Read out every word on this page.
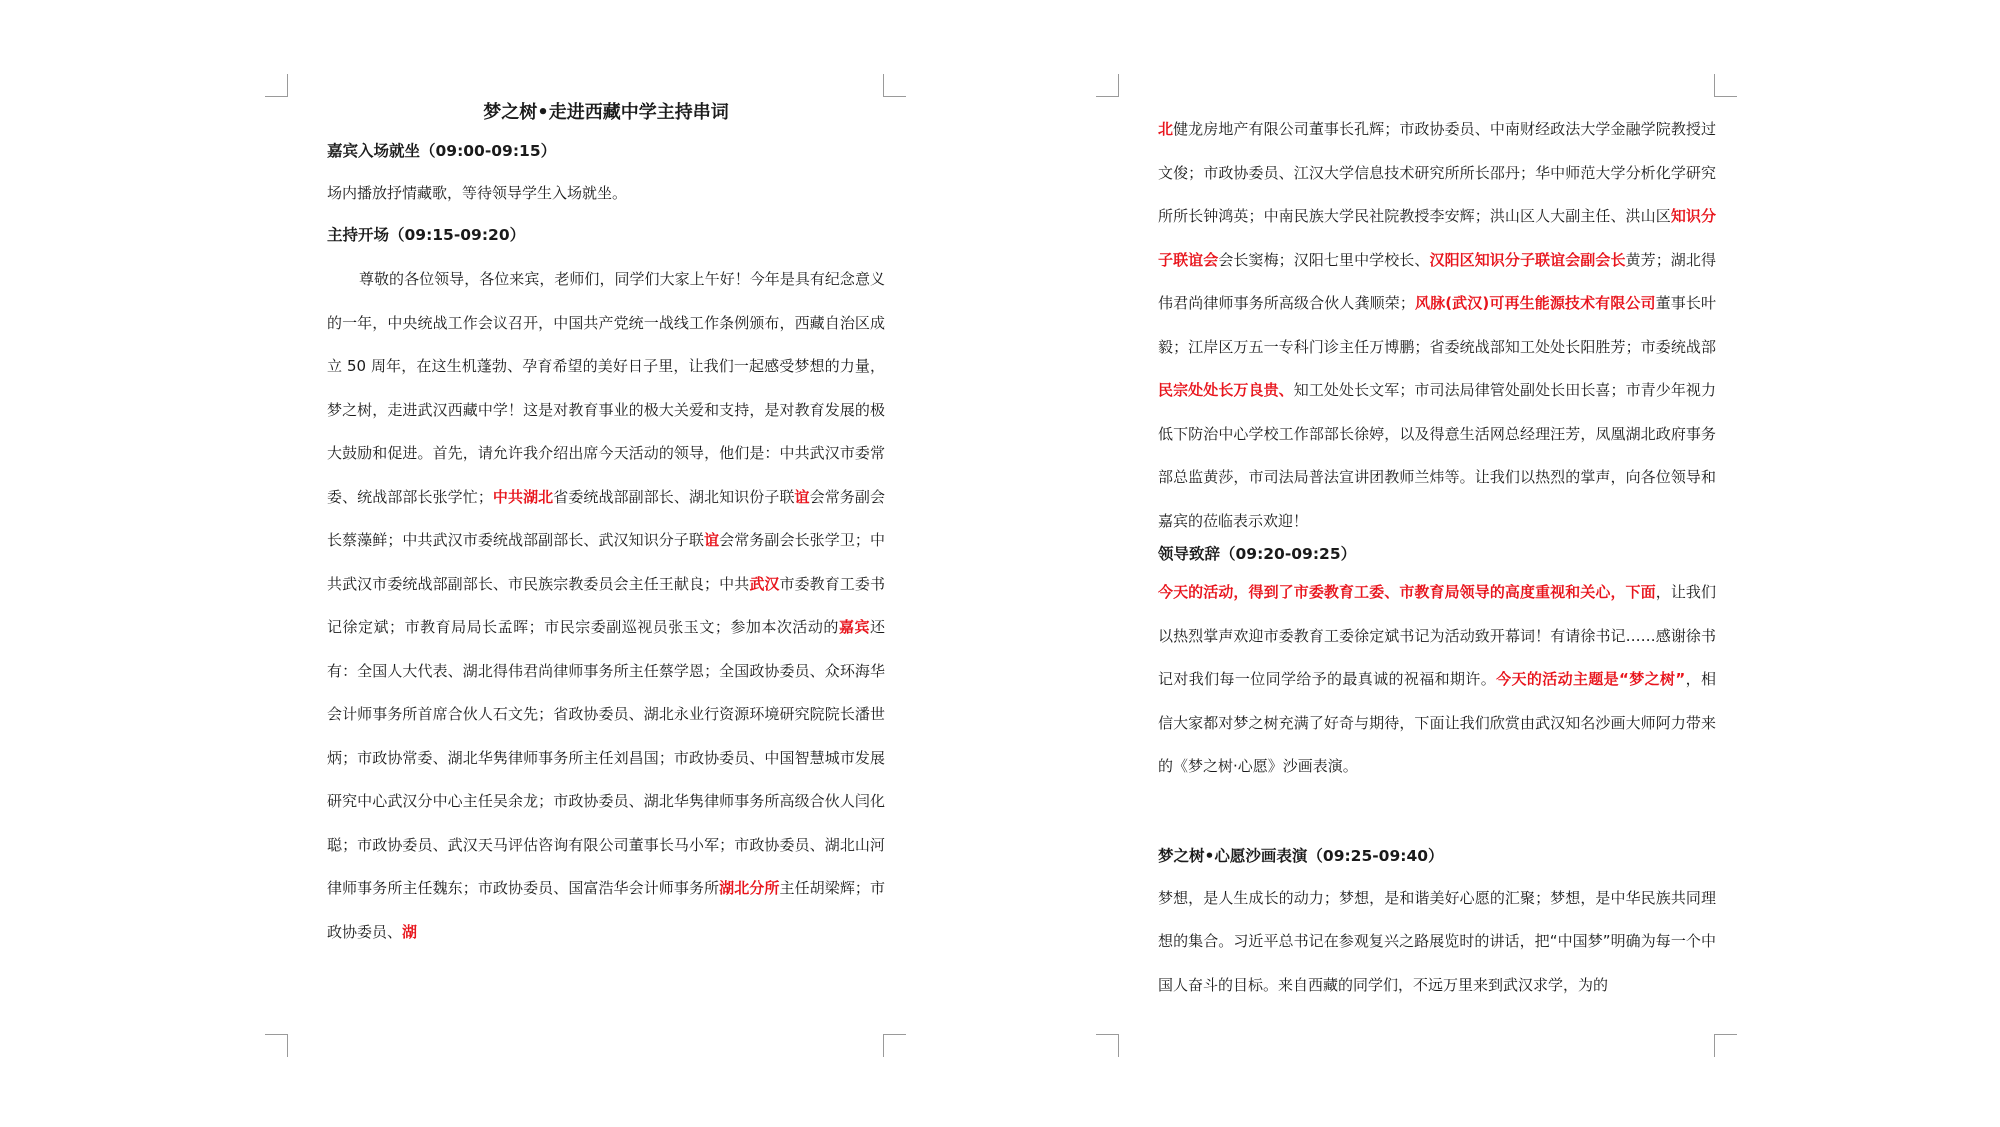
梦之树•走进西藏中学主持串词
嘉宾入场就坐（09:00-09:15）
场内播放抒情藏歌，等待领导学生入场就坐。
主持开场（09:15-09:20）
尊敬的各位领导，各位来宾，老师们，同学们大家上午好！今年是具有纪念意义的一年，中央统战工作会议召开，中国共产党统一战线工作条例颁布，西藏自治区成立 50 周年，在这生机蓬勃、孕育希望的美好日子里，让我们一起感受梦想的力量，梦之树，走进武汉西藏中学！这是对教育事业的极大关爱和支持，是对教育发展的极大鼓励和促进。首先，请允许我介绍出席今天活动的领导，他们是：中共武汉市委常委、统战部部长张学忙；中共湖北省委统战部副部长、湖北知识份子联谊会常务副会长蔡藻鲜；中共武汉市委统战部副部长、武汉知识分子联谊会常务副会长张学卫；中共武汉市委统战部副部长、市民族宗教委员会主任王献良；中共武汉市委教育工委书记徐定斌；市教育局局长孟晖；市民宗委副巡视员张玉文；参加本次活动的嘉宾还有：全国人大代表、湖北得伟君尚律师事务所主任蔡学恩；全国政协委员、众环海华会计师事务所首席合伙人石文先；省政协委员、湖北永业行资源环境研究院院长潘世炳；市政协常委、湖北华隽律师事务所主任刘昌国；市政协委员、中国智慧城市发展研究中心武汉分中心主任吴余龙；市政协委员、湖北华隽律师事务所高级合伙人闫化聪；市政协委员、武汉天马评估咨询有限公司董事长马小军；市政协委员、湖北山河律师事务所主任魏东；市政协委员、国富浩华会计师事务所湖北分所主任胡梁辉；市政协委员、湖
北健龙房地产有限公司董事长孔辉；市政协委员、中南财经政法大学金融学院教授过文俊；市政协委员、江汉大学信息技术研究所所长邵丹；华中师范大学分析化学研究所所长钟鸿英；中南民族大学民社院教授李安辉；洪山区人大副主任、洪山区知识分子联谊会会长窦梅；汉阳七里中学校长、汉阳区知识分子联谊会副会长黄芳；湖北得伟君尚律师事务所高级合伙人龚顺荣；风脉(武汉)可再生能源技术有限公司董事长叶毅；江岸区万五一专科门诊主任万博鹏；省委统战部知工处处长阳胜芳；市委统战部民宗处处长万良贵、知工处处长文军；市司法局律管处副处长田长喜；市青少年视力低下防治中心学校工作部部长徐婷，以及得意生活网总经理汪芳，凤凰湖北政府事务部总监黄莎，市司法局普法宣讲团教师兰炜等。让我们以热烈的掌声，向各位领导和嘉宾的莅临表示欢迎！
领导致辞（09:20-09:25）
今天的活动，得到了市委教育工委、市教育局领导的高度重视和关心，下面，让我们以热烈掌声欢迎市委教育工委徐定斌书记为活动致开幕词！有请徐书记……感谢徐书记对我们每一位同学给予的最真诚的祝福和期许。今天的活动主题是“梦之树”，相信大家都对梦之树充满了好奇与期待，下面让我们欣赏由武汉知名沙画大师阿力带来的《梦之树·心愿》沙画表演。
梦之树•心愿沙画表演（09:25-09:40）
梦想，是人生成长的动力；梦想，是和谐美好心愿的汇聚；梦想，是中华民族共同理想的集合。习近平总书记在参观复兴之路展览时的讲话，把“中国梦”明确为每一个中国人奋斗的目标。来自西藏的同学们，不远万里来到武汉求学，为的
